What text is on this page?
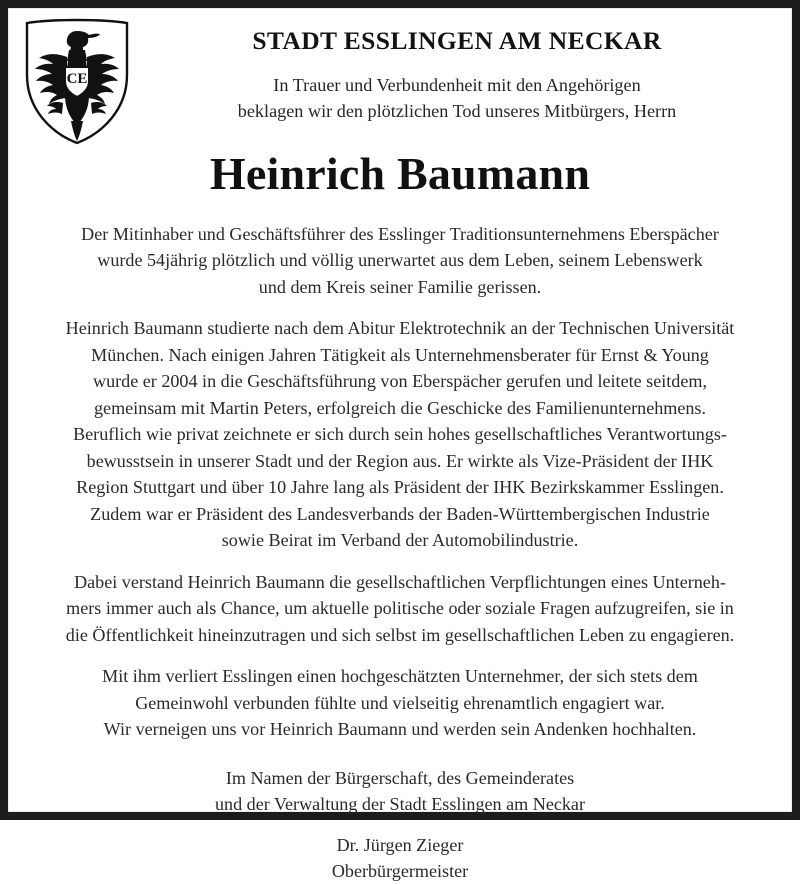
CE
STADT ESSLINGEN AM NECKAR
In Trauer und Verbundenheit mit den Angehörigen
beklagen wir den plötzlichen Tod unseres Mitbürgers, Herrn
Heinrich Baumann

Der Mitinhaber und Geschäftsführer des Esslinger Traditionsunternehmens Eberspächer
wurde 54jährig plötzlich und völlig unerwartet aus dem Leben, seinem Lebenswerk
und dem Kreis seiner Familie gerissen.

Heinrich Baumann studierte nach dem Abitur Elektrotechnik an der Technischen Universität
München. Nach einigen Jahren Tätigkeit als Unternehmensberater für Ernst & Young
wurde er 2004 in die Geschäftsführung von Eberspächer gerufen und leitete seitdem,
gemeinsam mit Martin Peters, erfolgreich die Geschicke des Familienunternehmens.
Beruflich wie privat zeichnete er sich durch sein hohes gesellschaftliches Verantwortungs-
bewusstsein in unserer Stadt und der Region aus. Er wirkte als Vize-Präsident der IHK
Region Stuttgart und über 10 Jahre lang als Präsident der IHK Bezirkskammer Esslingen.
Zudem war er Präsident des Landesverbands der Baden-Württembergischen Industrie
sowie Beirat im Verband der Automobilindustrie.

Dabei verstand Heinrich Baumann die gesellschaftlichen Verpflichtungen eines Unterneh-
mers immer auch als Chance, um aktuelle politische oder soziale Fragen aufzugreifen, sie in
die Öffentlichkeit hineinzutragen und sich selbst im gesellschaftlichen Leben zu engagieren.

Mit ihm verliert Esslingen einen hochgeschätzten Unternehmer, der sich stets dem
Gemeinwohl verbunden fühlte und vielseitig ehrenamtlich engagiert war.
Wir verneigen uns vor Heinrich Baumann und werden sein Andenken hochhalten.

Im Namen der Bürgerschaft, des Gemeinderates
und der Verwaltung der Stadt Esslingen am Neckar
Dr. Jürgen Zieger
Oberbürgermeister
